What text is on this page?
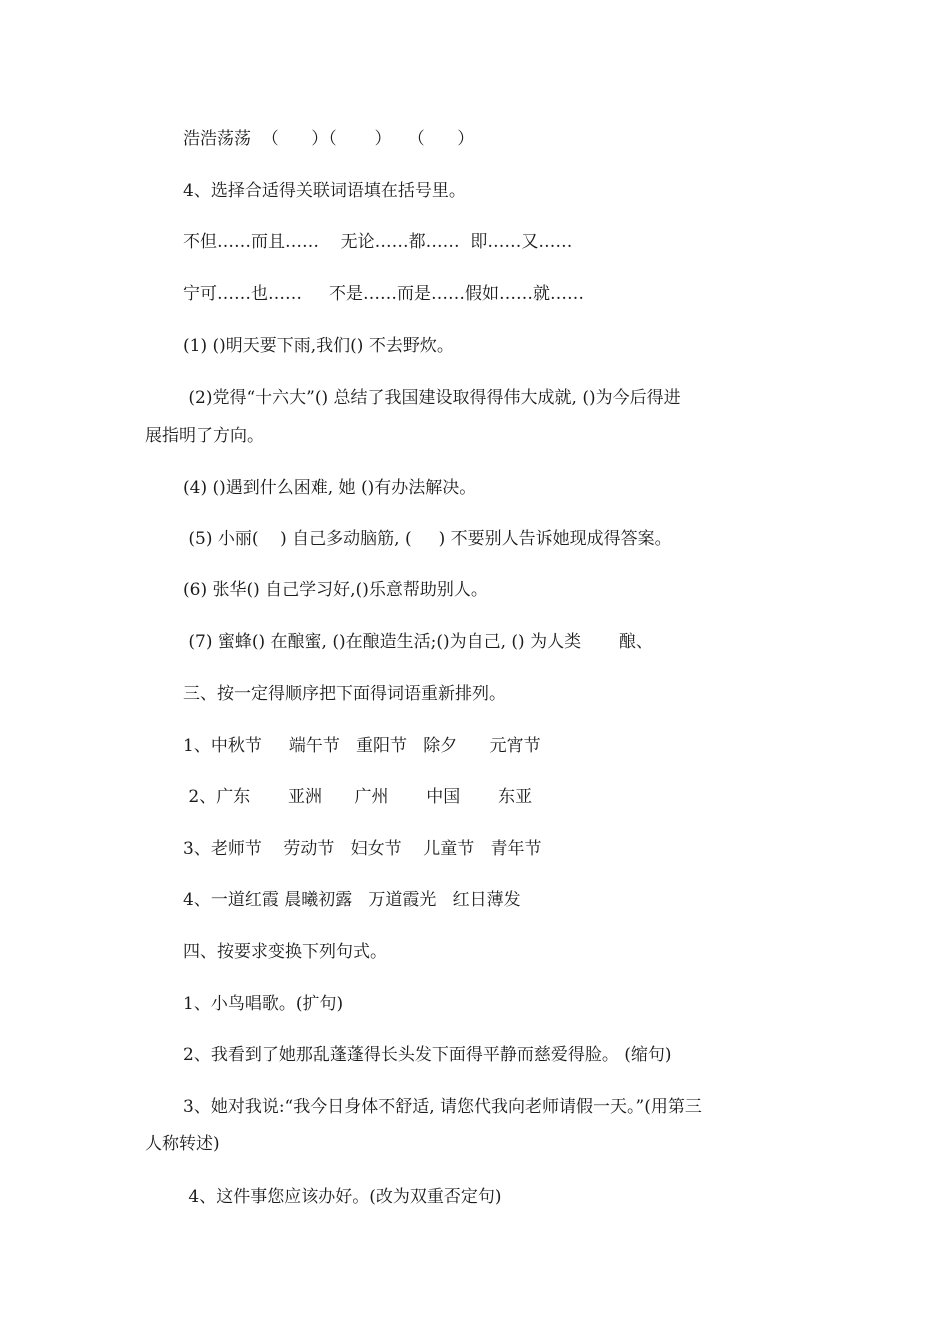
浩浩荡荡  （      ）（       ）   （      ）
4、选择合适得关联词语填在括号里。
不但……而且……    无论……都……  即……又……
宁可……也……     不是……而是……假如……就……
(1) ()明天要下雨,我们() 不去野炊。
(2)党得“十六大”() 总结了我国建设取得得伟大成就, ()为今后得进
展指明了方向。
(4) ()遇到什么困难, 她 ()有办法解决。
(5) 小丽(    ) 自己多动脑筋, (     ) 不要别人告诉她现成得答案。
(6) 张华() 自己学习好,()乐意帮助别人。
(7) 蜜蜂() 在酿蜜, ()在酿造生活;()为自己, () 为人类       酿、
三、按一定得顺序把下面得词语重新排列。
1、中秋节     端午节   重阳节   除夕      元宵节
2、广东       亚洲      广州       中国       东亚
3、老师节    劳动节   妇女节    儿童节   青年节
4、一道红霞 晨曦初露   万道霞光   红日薄发
四、按要求变换下列句式。
1、小鸟唱歌。(扩句)
2、我看到了她那乱蓬蓬得长头发下面得平静而慈爱得脸。 (缩句)
3、她对我说:“我今日身体不舒适, 请您代我向老师请假一天。”(用第三
人称转述)
4、这件事您应该办好。(改为双重否定句)
